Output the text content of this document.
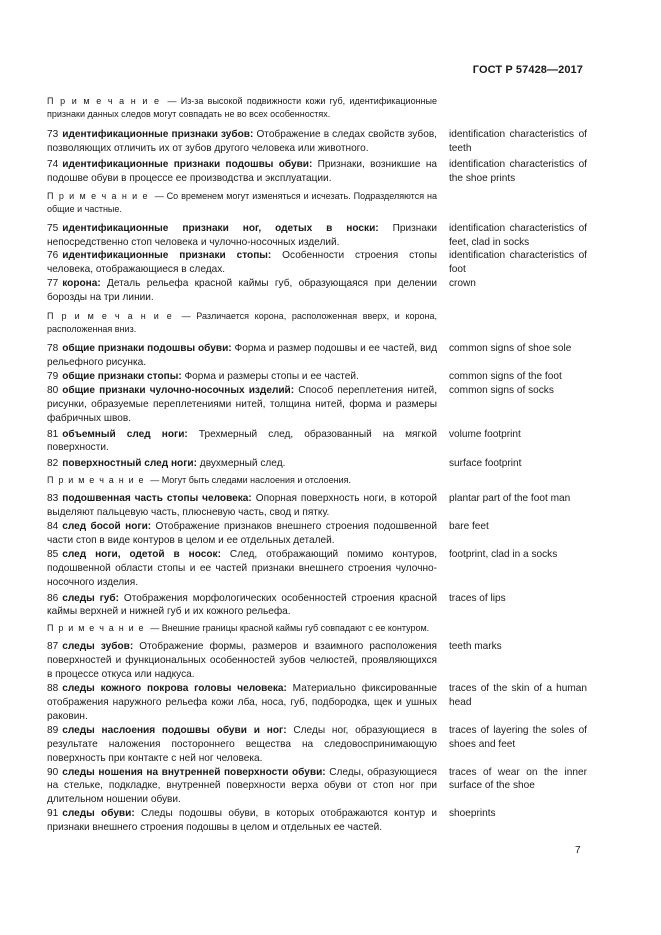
ГОСТ Р 57428—2017
П р и м е ч а н и е — Из-за высокой подвижности кожи губ, идентификационные признаки данных следов могут совпадать не во всех особенностях.
73 идентификационные признаки зубов: Отображение в следах свойств зубов, позволяющих отличить их от зубов другого человека или животного.
identification characteristics of teeth
74 идентификационные признаки подошвы обуви: Признаки, возникшие на подошве обуви в процессе ее производства и эксплуатации.
identification characteristics of the shoe prints
П р и м е ч а н и е — Со временем могут изменяться и исчезать. Подразделяются на общие и частные.
75 идентификационные признаки ног, одетых в носки: Признаки непосредственно стоп человека и чулочно-носочных изделий.
identification characteristics of feet, clad in socks
76 идентификационные признаки стопы: Особенности строения стопы человека, отображающиеся в следах.
identification characteristics of foot
77 корона: Деталь рельефа красной каймы губ, образующаяся при делении борозды на три линии.
crown
П р и м е ч а н и е — Различается корона, расположенная вверх, и корона, расположенная вниз.
78 общие признаки подошвы обуви: Форма и размер подошвы и ее частей, вид рельефного рисунка.
common signs of shoe sole
79 общие признаки стопы: Форма и размеры стопы и ее частей.	common signs of the foot
80 общие признаки чулочно-носочных изделий: Способ переплетения нитей, рисунки, образуемые переплетениями нитей, толщина нитей, форма и размеры фабричных швов.
common signs of socks
81 объемный след ноги: Трехмерный след, образованный на мягкой поверхности.
volume footprint
82 поверхностный след ноги: двухмерный след.	surface footprint
П р и м е ч а н и е — Могут быть следами наслоения и отслоения.
83 подошвенная часть стопы человека: Опорная поверхность ноги, в которой выделяют пальцевую часть, плюсневую часть, свод и пятку.
plantar part of the foot man
84 след босой ноги: Отображение признаков внешнего строения подошвенной части стоп в виде контуров в целом и ее отдельных деталей.
bare feet
85 след ноги, одетой в носок: След, отображающий помимо контуров, подошвенной области стопы и ее частей признаки внешнего строения чулочно-носочного изделия.
footprint, clad in a socks
86 следы губ: Отображения морфологических особенностей строения красной каймы верхней и нижней губ и их кожного рельефа.
traces of lips
П р и м е ч а н и е — Внешние границы красной каймы губ совпадают с ее контуром.
87 следы зубов: Отображение формы, размеров и взаимного расположения поверхностей и функциональных особенностей зубов челюстей, проявляющихся в процессе откуса или надкуса.
teeth marks
88 следы кожного покрова головы человека: Материально фиксированные отображения наружного рельефа кожи лба, носа, губ, подбородка, щек и ушных раковин.
traces of the skin of a human head
89 следы наслоения подошвы обуви и ног: Следы ног, образующиеся в результате наложения постороннего вещества на следовоспринимающую поверхность при контакте с ней ног человека.
traces of layering the soles of shoes and feet
90 следы ношения на внутренней поверхности обуви: Следы, образующиеся на стельке, подкладке, внутренней поверхности верха обуви от стоп ног при длительном ношении обуви.
traces of wear on the inner surface of the shoe
91 следы обуви: Следы подошвы обуви, в которых отображаются контур и признаки внешнего строения подошвы в целом и отдельных ее частей.
shoeprints
7
